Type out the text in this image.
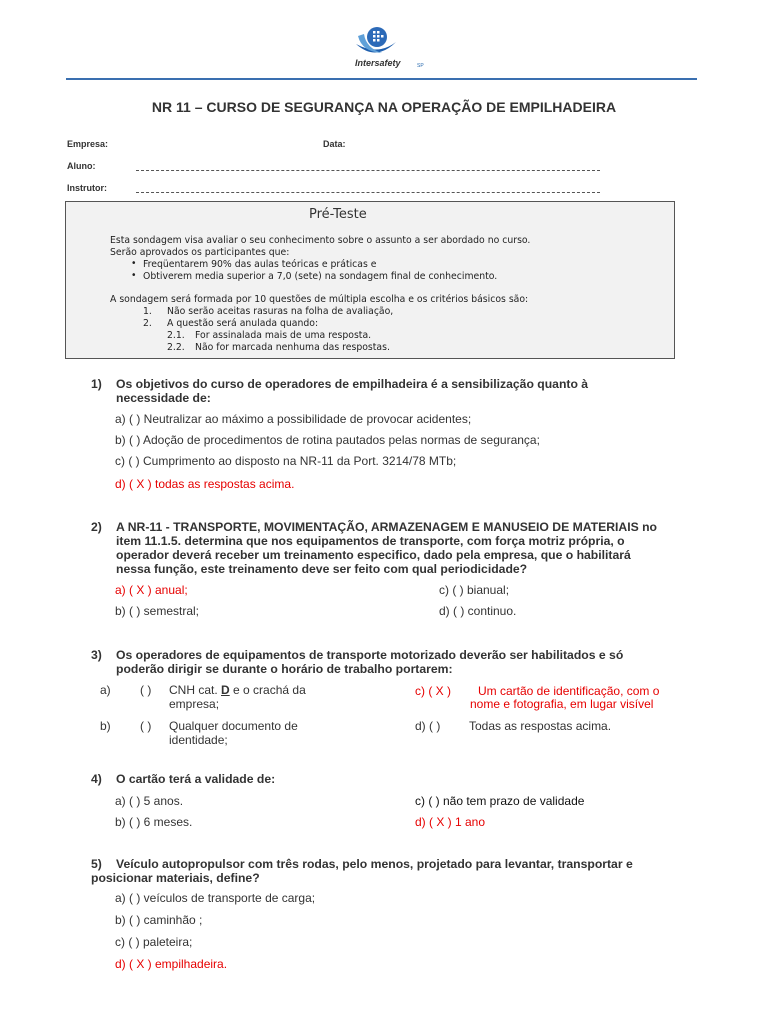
Intersafety	SP
NR 11 – CURSO DE SEGURANÇA NA OPERAÇÃO DE EMPILHADEIRA
Empresa:	Data:
Aluno:
Instrutor:
Pré-Teste
Esta sondagem visa avaliar o seu conhecimento sobre o assunto a ser abordado no curso.
Serão aprovados os participantes que:
• Freqüentarem 90% das aulas teóricas e práticas e
• Obtiverem media superior a 7,0 (sete) na sondagem final de conhecimento.
A sondagem será formada por 10 questões de múltipla escolha e os critérios básicos são:
1. Não serão aceitas rasuras na folha de avaliação,
2. A questão será anulada quando:
2.1. For assinalada mais de uma resposta.
2.2. Não for marcada nenhuma das respostas.
1) Os objetivos do curso de operadores de empilhadeira é a sensibilização quanto à
necessidade de:
a) ( ) Neutralizar ao máximo a possibilidade de provocar acidentes;
b) ( ) Adoção de procedimentos de rotina pautados pelas normas de segurança;
c) ( ) Cumprimento ao disposto na NR-11 da Port. 3214/78 MTb;
d) ( X ) todas as respostas acima.
2) A NR-11 - TRANSPORTE, MOVIMENTAÇÃO, ARMAZENAGEM E MANUSEIO DE MATERIAIS no
item 11.1.5. determina que nos equipamentos de transporte, com força motriz própria, o
operador deverá receber um treinamento especifico, dado pela empresa, que o habilitará
nessa função, este treinamento deve ser feito com qual periodicidade?
a) ( X ) anual;
b) ( ) semestral;
c) ( ) bianual;
d) ( ) continuo.
3) Os operadores de equipamentos de transporte motorizado deverão ser habilitados e só
poderão dirigir se durante o horário de trabalho portarem:
a) ( ) CNH cat. D e o crachá da
empresa;
b) ( ) Qualquer documento de
identidade;
c) ( X ) Um cartão de identificação, com o
nome e fotografia, em lugar visível
d) ( ) Todas as respostas acima.
4) O cartão terá a validade de:
a) ( ) 5 anos.
b) ( ) 6 meses.
c) ( ) não tem prazo de validade
d) ( X ) 1 ano
5) Veículo autopropulsor com três rodas, pelo menos, projetado para levantar, transportar e
posicionar materiais, define?
a) ( ) veículos de transporte de carga;
b) ( ) caminhão ;
c) ( ) paleteira;
d) ( X ) empilhadeira.
